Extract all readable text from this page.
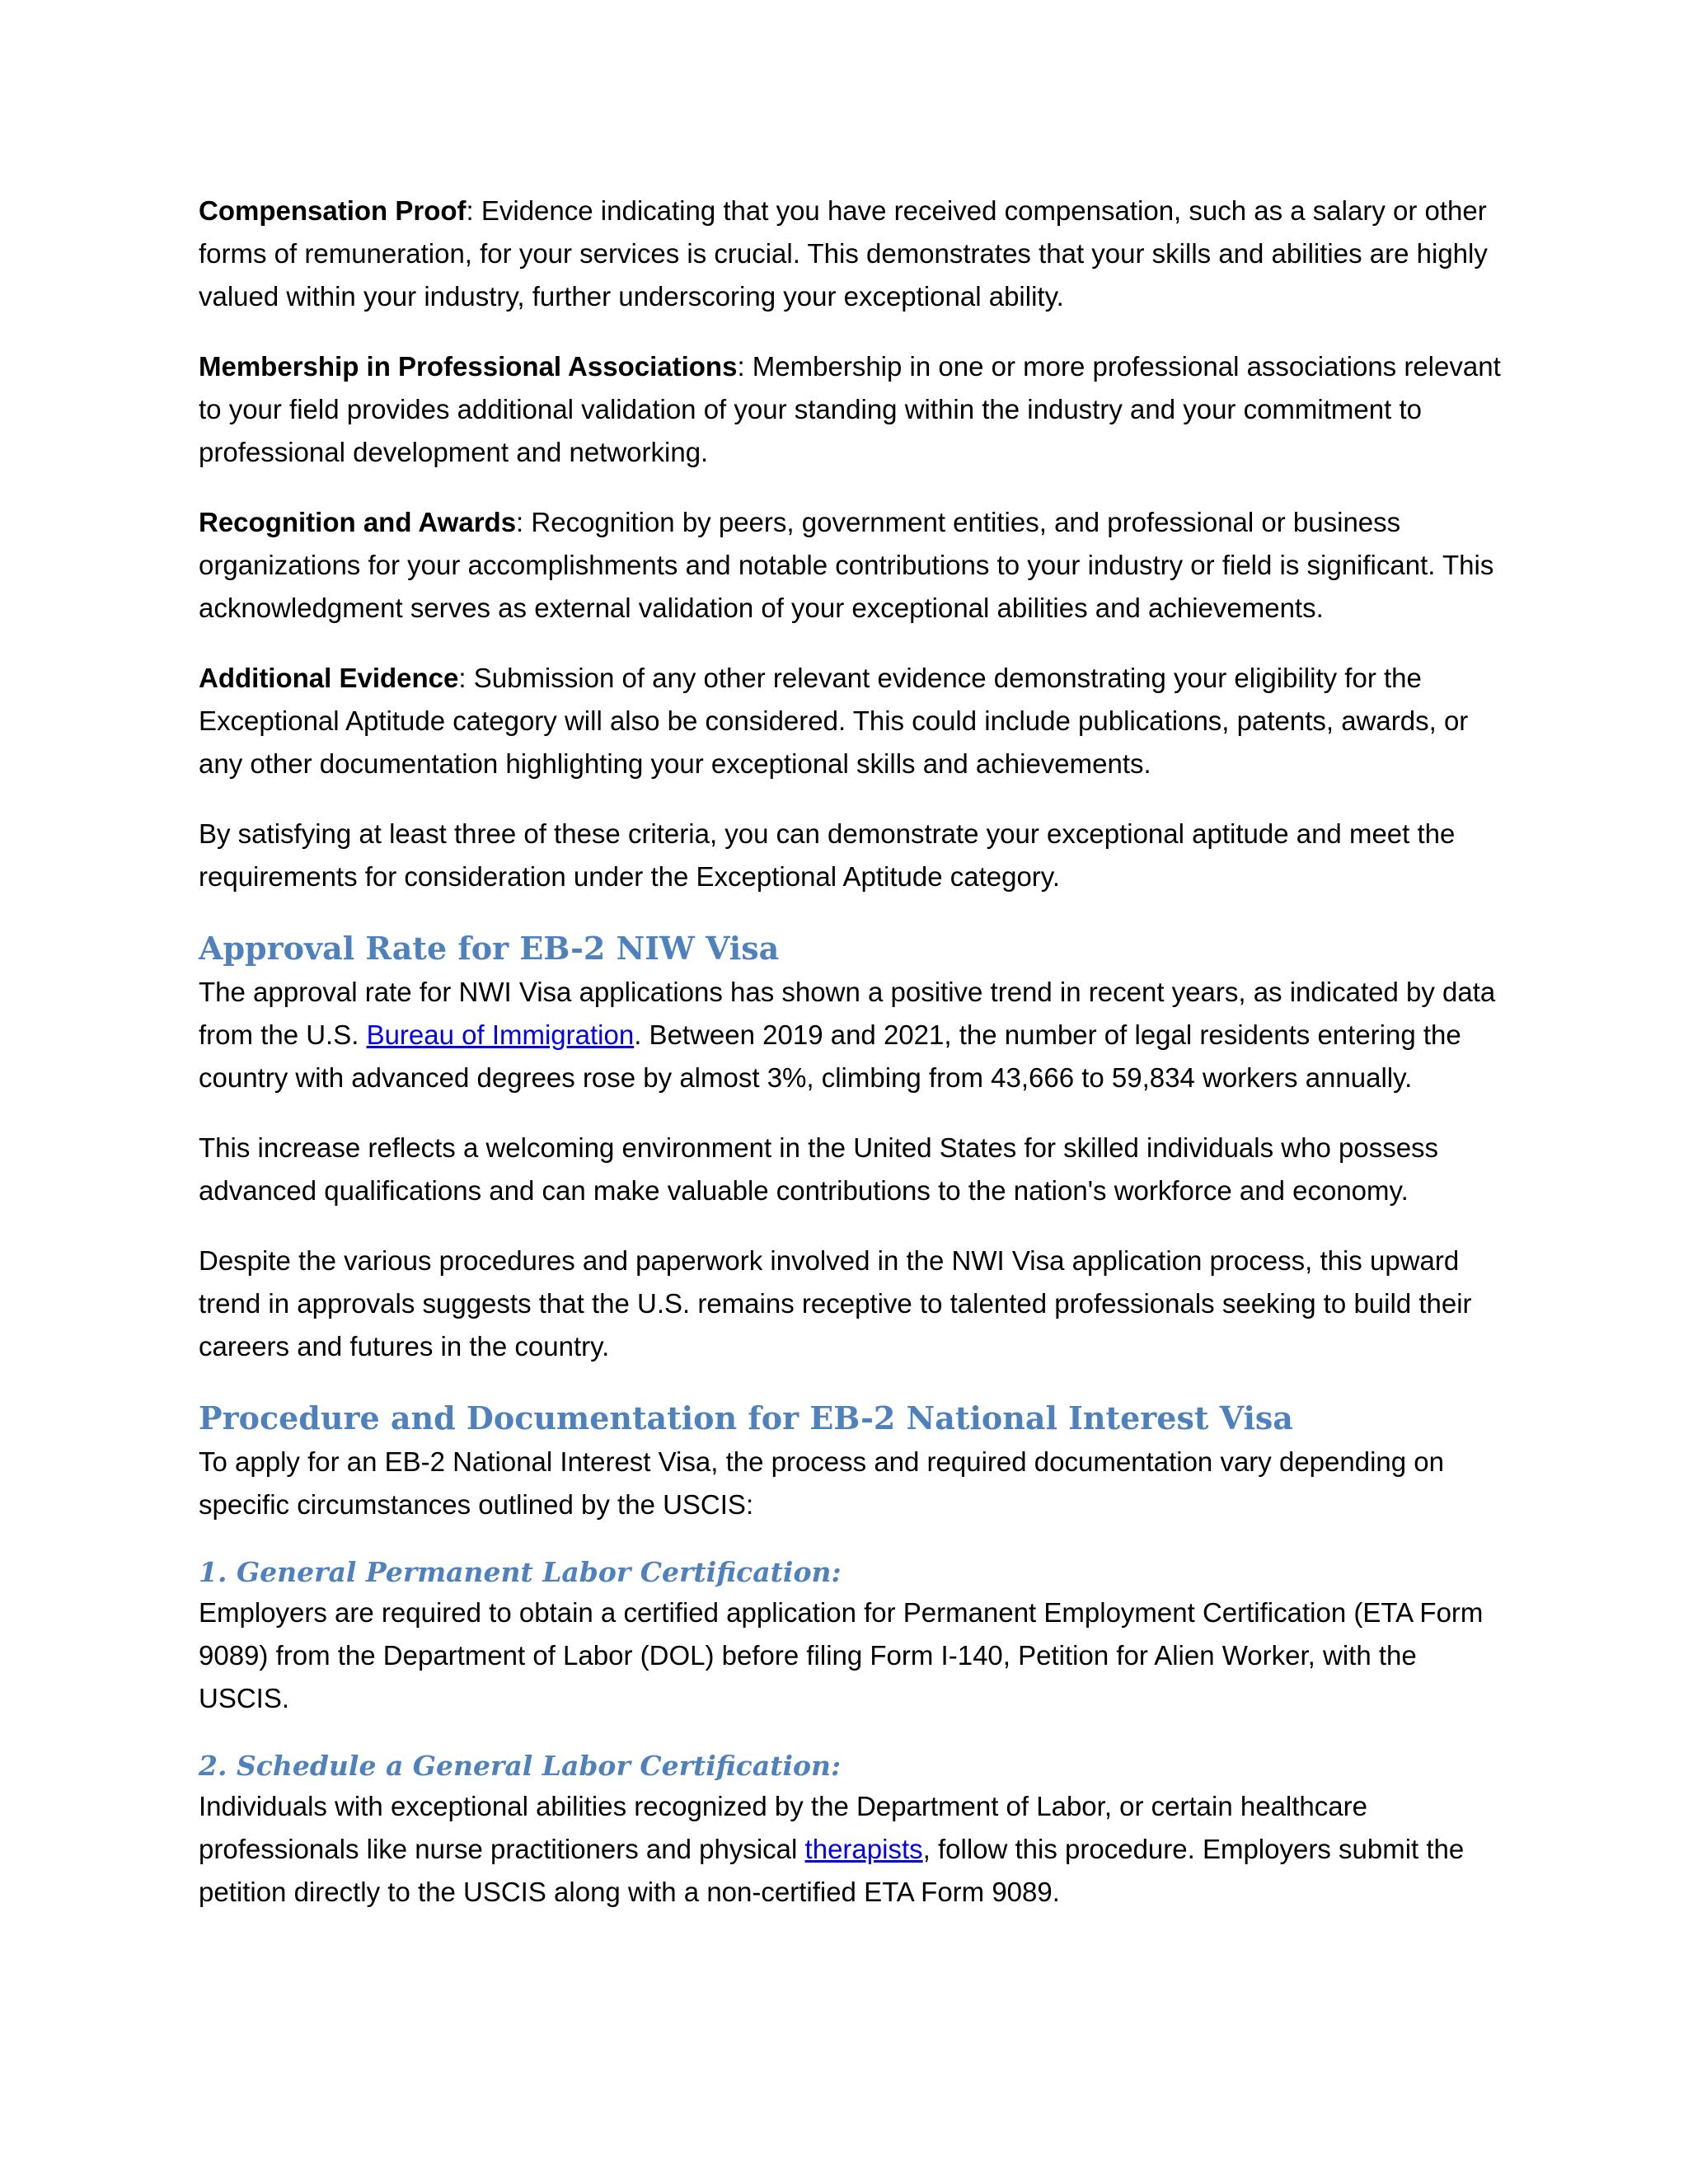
Compensation Proof: Evidence indicating that you have received compensation, such as a salary or other forms of remuneration, for your services is crucial. This demonstrates that your skills and abilities are highly valued within your industry, further underscoring your exceptional ability.

Membership in Professional Associations: Membership in one or more professional associations relevant to your field provides additional validation of your standing within the industry and your commitment to professional development and networking.

Recognition and Awards: Recognition by peers, government entities, and professional or business organizations for your accomplishments and notable contributions to your industry or field is significant. This acknowledgment serves as external validation of your exceptional abilities and achievements.

Additional Evidence: Submission of any other relevant evidence demonstrating your eligibility for the Exceptional Aptitude category will also be considered. This could include publications, patents, awards, or any other documentation highlighting your exceptional skills and achievements.

By satisfying at least three of these criteria, you can demonstrate your exceptional aptitude and meet the requirements for consideration under the Exceptional Aptitude category.

Approval Rate for EB-2 NIW Visa

The approval rate for NWI Visa applications has shown a positive trend in recent years, as indicated by data from the U.S. Bureau of Immigration. Between 2019 and 2021, the number of legal residents entering the country with advanced degrees rose by almost 3%, climbing from 43,666 to 59,834 workers annually.

This increase reflects a welcoming environment in the United States for skilled individuals who possess advanced qualifications and can make valuable contributions to the nation's workforce and economy.

Despite the various procedures and paperwork involved in the NWI Visa application process, this upward trend in approvals suggests that the U.S. remains receptive to talented professionals seeking to build their careers and futures in the country.

Procedure and Documentation for EB-2 National Interest Visa

To apply for an EB-2 National Interest Visa, the process and required documentation vary depending on specific circumstances outlined by the USCIS:

1. General Permanent Labor Certification:

Employers are required to obtain a certified application for Permanent Employment Certification (ETA Form 9089) from the Department of Labor (DOL) before filing Form I-140, Petition for Alien Worker, with the USCIS.

2. Schedule a General Labor Certification:

Individuals with exceptional abilities recognized by the Department of Labor, or certain healthcare professionals like nurse practitioners and physical therapists, follow this procedure. Employers submit the petition directly to the USCIS along with a non-certified ETA Form 9089.
